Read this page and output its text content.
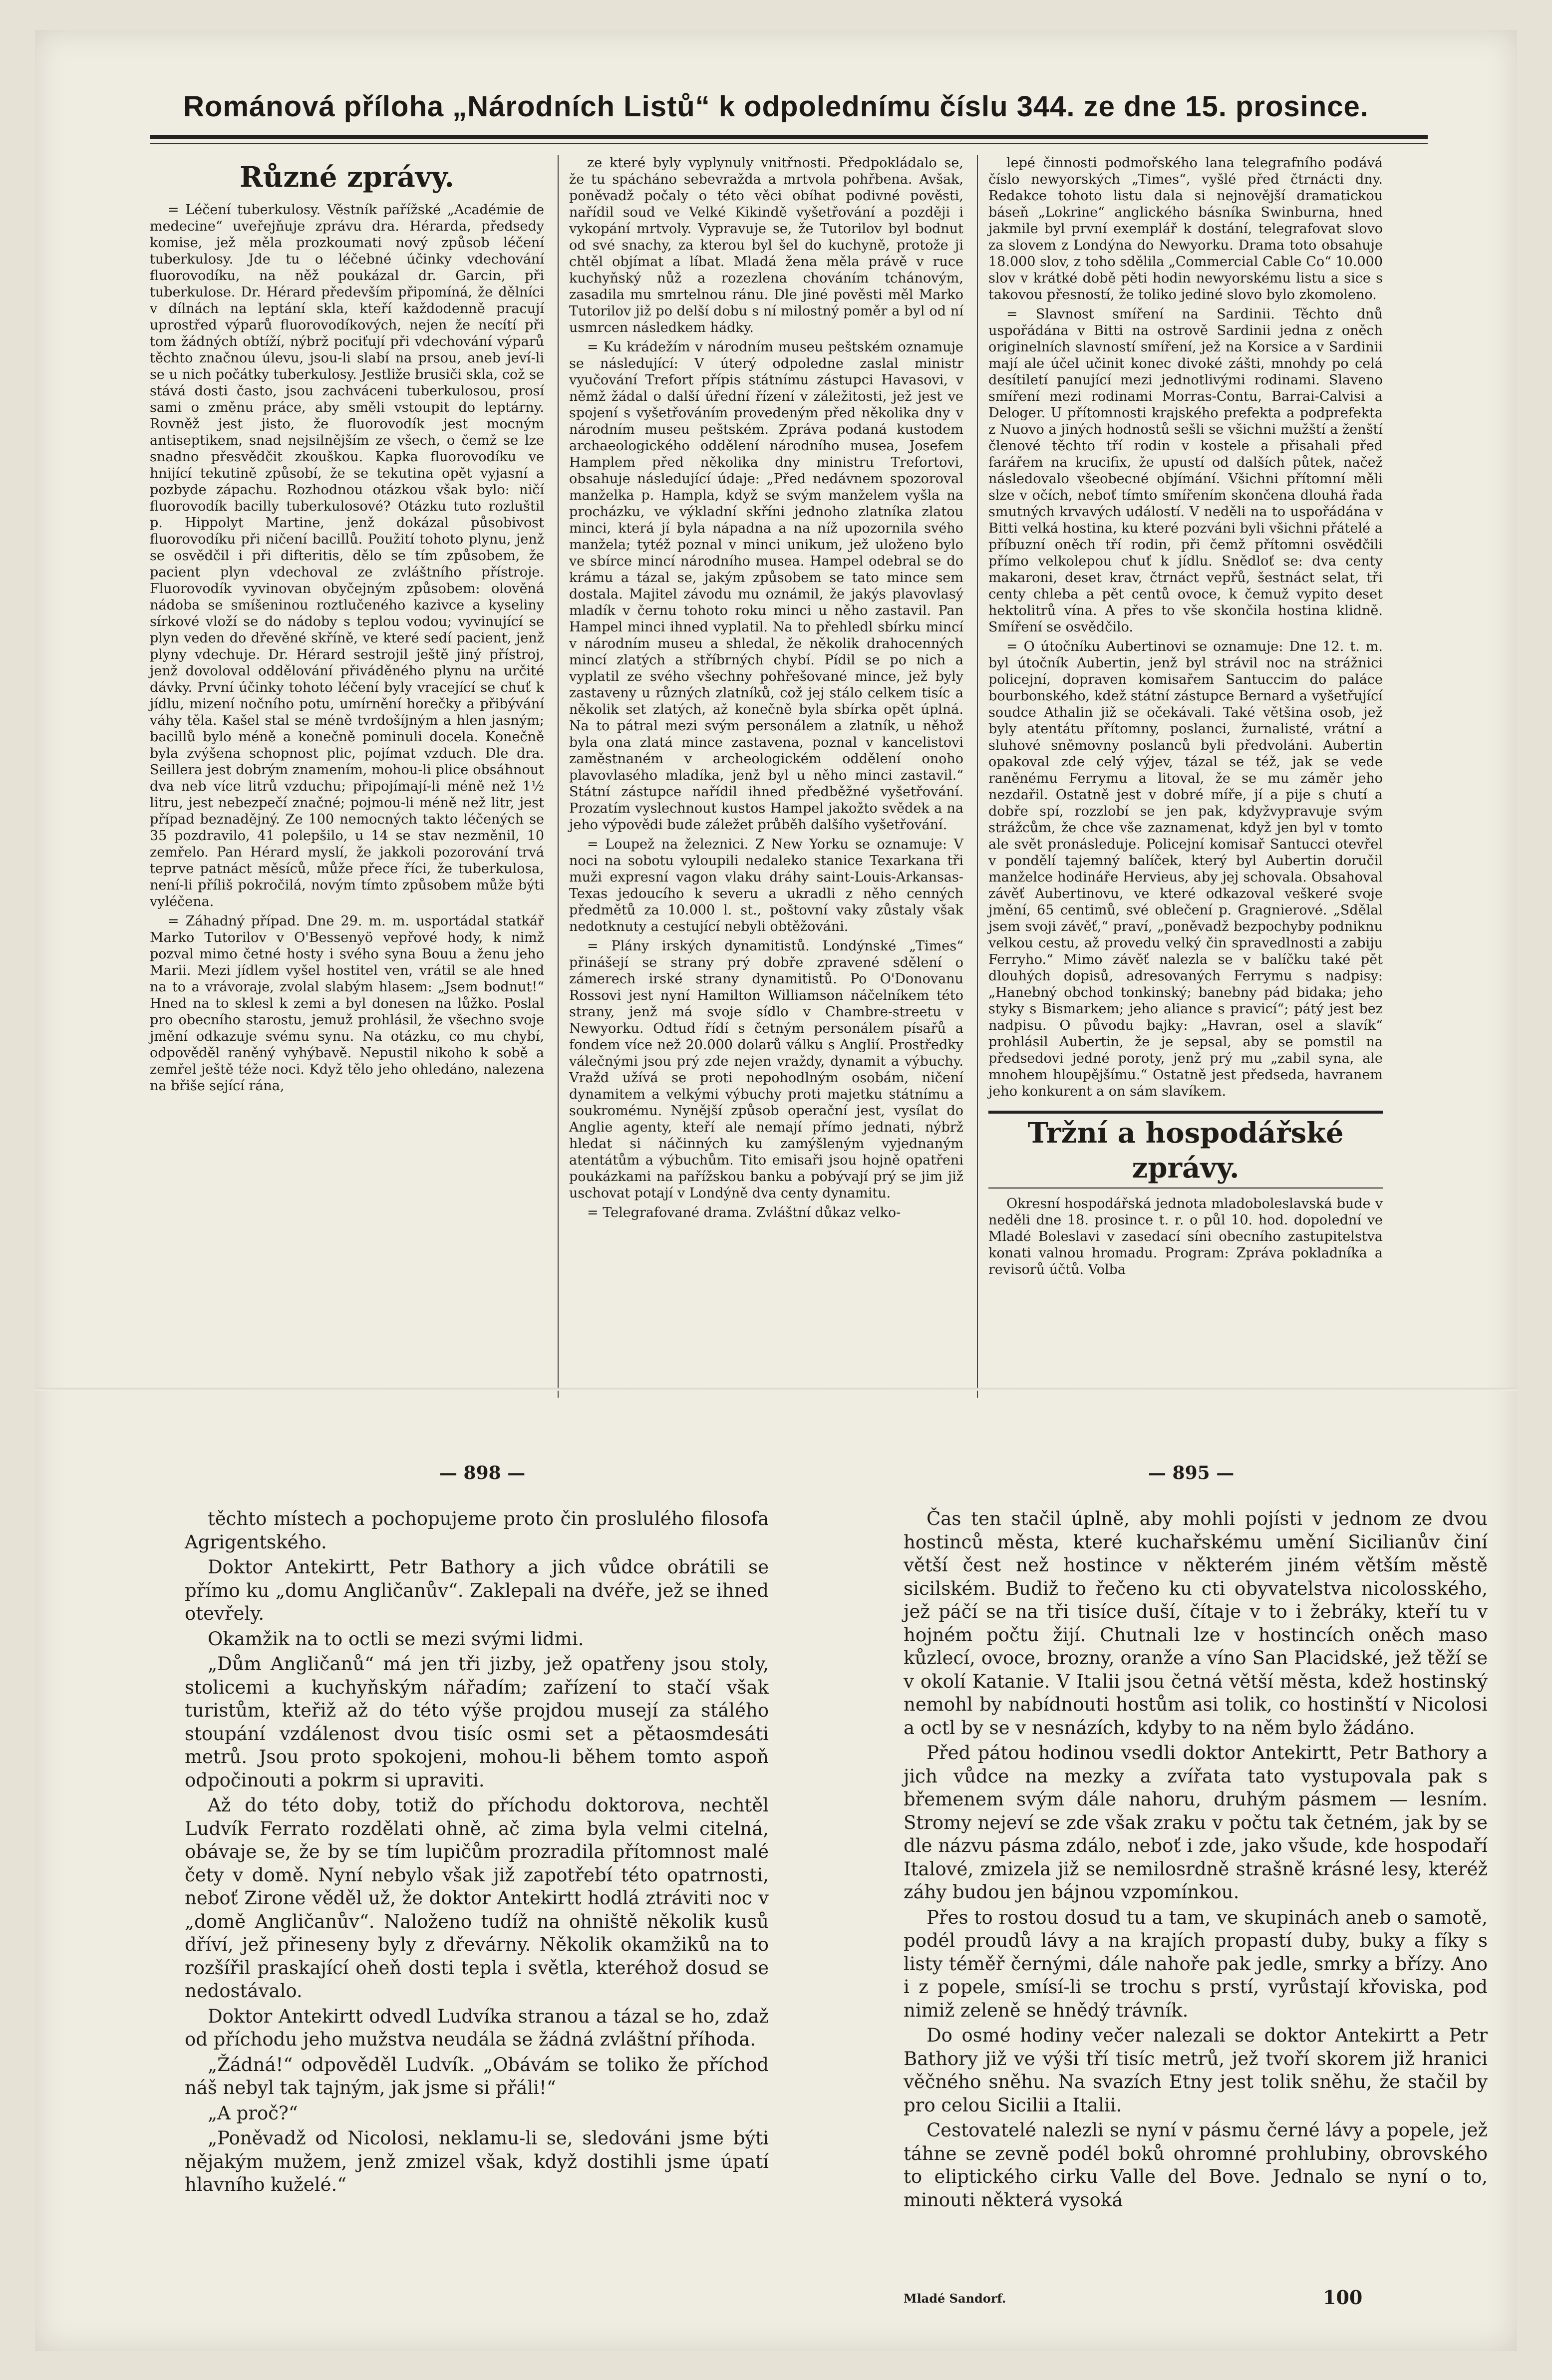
Románová příloha „Národních Listů“ k odpolednímu číslu 344. ze dne 15. prosince.
Různé zprávy.

= Léčení tuberkulosy. Věstník pařížské „Académie de medecine“ uveřejňuje zprávu dra. Hérarda, předsedy komise, jež měla prozkoumati nový způsob léčení tuberkulosy. Jde tu o léčebné účinky vdechování fluorovodíku, na něž poukázal dr. Garcin, při tuberkulose. Dr. Hérard především připomíná, že dělníci v dílnách na leptání skla, kteří každodenně pracují uprostřed výparů fluorovodíkových, nejen že necítí při tom žádných obtíží, nýbrž pociťují při vdechování výparů těchto značnou úlevu, jsou-li slabí na prsou, aneb jeví-li se u nich počátky tuberkulosy. Jestliže brusiči skla, což se stává dosti často, jsou zachváceni tuberkulosou, prosí sami o změnu práce, aby směli vstoupit do leptárny. Rovněž jest jisto, že fluorovodík jest mocným antiseptikem, snad nejsilnějším ze všech, o čemž se lze snadno přesvědčit zkouškou. Kapka fluorovodíku ve hnijící tekutině způsobí, že se tekutina opět vyjasní a pozbyde zápachu. Rozhodnou otázkou však bylo: ničí fluorovodík bacilly tuberkulosové? Otázku tuto rozluštil p. Hippolyt Martine, jenž dokázal působivost fluorovodíku při ničení bacillů. Použití tohoto plynu, jenž se osvědčil i při difteritis, dělo se tím způsobem, že pacient plyn vdechoval ze zvláštního přístroje. Fluorovodík vyvinovan obyčejným způsobem: olověná nádoba se smíšeninou roztlučeného kazivce a kyseliny sírkové vloží se do nádoby s teplou vodou; vyvinující se plyn veden do dřevěné skříně, ve které sedí pacient, jenž plyny vdechuje. Dr. Hérard sestrojil ještě jiný přístroj, jenž dovoloval oddělování přiváděného plynu na určité dávky. První účinky tohoto léčení byly vracející se chuť k jídlu, mizení nočního potu, umírnění horečky a přibývání váhy těla. Kašel stal se méně tvrdošíjným a hlen jasným; bacillů bylo méně a konečně pominuli docela. Konečně byla zvýšena schopnost plic, pojímat vzduch. Dle dra. Seillera jest dobrým znamením, mohou-li plice obsáhnout dva neb více litrů vzduchu; připojímají-li méně než 1½ litru, jest nebezpečí značné; pojmou-li méně než litr, jest případ beznadějný. Ze 100 nemocných takto léčených se 35 pozdravilo, 41 polepšilo, u 14 se stav nezměnil, 10 zemřelo. Pan Hérard myslí, že jakkoli pozorování trvá teprve patnáct měsíců, může přece říci, že tuberkulosa, není-li příliš pokročilá, novým tímto způsobem může býti vyléčena.

= Záhadný případ. Dne 29. m. m. usportádal statkář Marko Tutorilov v O'Bessenyö vepřové hody, k nimž pozval mimo četné hosty i svého syna Bouu a ženu jeho Marii. Mezi jídlem vyšel hostitel ven, vrátil se ale hned na to a vrávoraje, zvolal slabým hlasem: „Jsem bodnut!“ Hned na to sklesl k zemi a byl donesen na lůžko. Poslal pro obecního starostu, jemuž prohlásil, že všechno svoje jmění odkazuje svému synu. Na otázku, co mu chybí, odpověděl raněný vyhýbavě. Nepustil nikoho k sobě a zemřel ještě téže noci. Když tělo jeho ohledáno, nalezena na břiše sející rána,

ze které byly vyplynuly vnitřnosti. Předpokládalo se, že tu spácháno sebevražda a mrtvola pohřbena. Avšak, poněvadž počaly o této věci obíhat podivné pověsti, nařídil soud ve Velké Kikindě vyšetřování a později i vykopání mrtvoly. Vypravuje se, že Tutorilov byl bodnut od své snachy, za kterou byl šel do kuchyně, protože ji chtěl objímat a líbat. Mladá žena měla právě v ruce kuchyňský nůž a rozezlena chováním tchánovým, zasadila mu smrtelnou ránu. Dle jiné pověsti měl Marko Tutorilov již po delší dobu s ní milostný poměr a byl od ní usmrcen následkem hádky.

= Ku krádežím v národním museu peštském oznamuje se následující: V úterý odpoledne zaslal ministr vyučování Trefort přípis státnímu zástupci Havasovi, v němž žádal o další úřední řízení v záležitosti, jež jest ve spojení s vyšetřováním provedeným před několika dny v národním museu peštském. Zpráva podaná kustodem archaeologického oddělení národního musea, Josefem Hamplem před několika dny ministru Trefortovi, obsahuje následující údaje: „Před nedávnem spozoroval manželka p. Hampla, když se svým manželem vyšla na procházku, ve výkladní skříni jednoho zlatníka zlatou minci, která jí byla nápadna a na níž upozornila svého manžela; tytéž poznal v minci unikum, jež uloženo bylo ve sbírce mincí národního musea. Hampel odebral se do krámu a tázal se, jakým způsobem se tato mince sem dostala. Majitel závodu mu oznámil, že jakýs plavovlasý mladík v černu tohoto roku minci u něho zastavil. Pan Hampel minci ihned vyplatil. Na to přehledl sbírku mincí v národním museu a shledal, že několik drahocenných mincí zlatých a stříbrných chybí. Pídil se po nich a vyplatil ze svého všechny pohřešované mince, jež byly zastaveny u různých zlatníků, což jej stálo celkem tisíc a několik set zlatých, až konečně byla sbírka opět úplná. Na to pátral mezi svým personálem a zlatník, u něhož byla ona zlatá mince zastavena, poznal v kancelistovi zaměstnaném v archeologickém oddělení onoho plavovlasého mladíka, jenž byl u něho minci zastavil.“ Státní zástupce nařídil ihned předběžné vyšetřování. Prozatím vyslechnout kustos Hampel jakožto svědek a na jeho výpovědi bude záležet průběh dalšího vyšetřování.

= Loupež na železnici. Z New Yorku se oznamuje: V noci na sobotu vyloupili nedaleko stanice Texarkana tři muži expresní vagon vlaku dráhy saint-Louis-Arkansas-Texas jedoucího k severu a ukradli z něho cenných předmětů za 10.000 l. st., poštovní vaky zůstaly však nedotknuty a cestující nebyli obtěžováni.

= Plány irských dynamitistů. Londýnské „Times“ přinášejí se strany prý dobře zpravené sdělení o zámerech irské strany dynamitistů. Po O'Donovanu Rossovi jest nyní Hamilton Williamson náčelníkem této strany, jenž má svoje sídlo v Chambre-streetu v Newyorku. Odtud řídí s četným personálem písařů a fondem více než 20.000 dolarů válku s Anglií. Prostředky válečnými jsou prý zde nejen vraždy, dynamit a výbuchy. Vražd užívá se proti nepohodlným osobám, ničení dynamitem a velkými výbuchy proti majetku státnímu a soukromému. Nynější způsob operační jest, vysílat do Anglie agenty, kteří ale nemají přímo jednati, nýbrž hledat si náčinných ku zamýšleným vyjednaným atentátům a výbuchům. Tito emisaři jsou hojně opatřeni poukázkami na pařížskou banku a pobývají prý se jim již uschovat potají v Londýně dva centy dynamitu.

= Telegrafované drama. Zvláštní důkaz velko-

lepé činnosti podmořského lana telegrafního podává číslo newyorských „Times“, vyšlé před čtrnácti dny. Redakce tohoto listu dala si nejnovější dramatickou báseň „Lokrine“ anglického básníka Swinburna, hned jakmile byl první exemplář k dostání, telegrafovat slovo za slovem z Londýna do Newyorku. Drama toto obsahuje 18.000 slov, z toho sdělila „Commercial Cable Co“ 10.000 slov v krátké době pěti hodin newyorskému listu a sice s takovou přesností, že toliko jediné slovo bylo zkomoleno.

= Slavnost smíření na Sardinii. Těchto dnů uspořádána v Bitti na ostrově Sardinii jedna z oněch originelních slavností smíření, jež na Korsice a v Sardinii mají ale účel učinit konec divoké zášti, mnohdy po celá desítiletí panující mezi jednotlivými rodinami. Slaveno smíření mezi rodinami Morras-Contu, Barrai-Calvisi a Deloger. U přítomnosti krajského prefekta a podprefekta z Nuovo a jiných hodnostů sešli se všichni mužští a ženští členové těchto tří rodin v kostele a přisahali před farářem na krucifix, že upustí od dalších půtek, načež následovalo všeobecné objímání. Všichni přítomní měli slze v očích, neboť tímto smířením skončena dlouhá řada smutných krvavých událostí. V neděli na to uspořádána v Bitti velká hostina, ku které pozváni byli všichni přátelé a příbuzní oněch tří rodin, při čemž přítomni osvědčili přímo velkolepou chuť k jídlu. Snědloť se: dva centy makaroni, deset krav, čtrnáct vepřů, šestnáct selat, tři centy chleba a pět centů ovoce, k čemuž vypito deset hektolitrů vína. A přes to vše skončila hostina klidně. Smíření se osvědčilo.

= O útočníku Aubertinovi se oznamuje: Dne 12. t. m. byl útočník Aubertin, jenž byl strávil noc na strážnici policejní, dopraven komisařem Santuccim do paláce bourbonského, kdež státní zástupce Bernard a vyšetřující soudce Athalin již se očekávali. Také většina osob, jež byly atentátu přítomny, poslanci, žurnalisté, vrátní a sluhové sněmovny poslanců byli předvoláni. Aubertin opakoval zde celý výjev, tázal se též, jak se vede raněnému Ferrymu a litoval, že se mu záměr jeho nezdařil. Ostatně jest v dobré míře, jí a pije s chutí a dobře spí, rozzlobí se jen pak, kdyžvypravuje svým strážcům, že chce vše zaznamenat, když jen byl v tomto ale svět pronásleduje. Policejní komisař Santucci otevřel v pondělí tajemný balíček, který byl Aubertin doručil manželce hodináře Hervieus, aby jej schovala. Obsahoval závěť Aubertinovu, ve které odkazoval veškeré svoje jmění, 65 centimů, své oblečení p. Gragnierové. „Sdělal jsem svoji závěť,“ praví, „poněvadž bezpochyby podniknu velkou cestu, až provedu velký čin spravedlnosti a zabiju Ferryho.“ Mimo závěť nalezla se v balíčku také pět dlouhých dopisů, adresovaných Ferrymu s nadpisy: „Hanebný obchod tonkinský; banebny pád bidaka; jeho styky s Bismarkem; jeho aliance s pravicí“; pátý jest bez nadpisu. O původu bajky: „Havran, osel a slavík“ prohlásil Aubertin, že je sepsal, aby se pomstil na předsedovi jedné poroty, jenž prý mu „zabil syna, ale mnohem hloupějšímu.“ Ostatně jest předseda, havranem jeho konkurent a on sám slavíkem.

Tržní a hospodářské zprávy.

Okresní hospodářská jednota mladoboleslavská bude v neděli dne 18. prosince t. r. o půl 10. hod. dopolední ve Mladé Boleslavi v zasedací síni obecního zastupitelstva konati valnou hromadu. Program: Zpráva pokladníka a revisorů účtů. Volba

— 898 —	— 895 —

těchto místech a pochopujeme proto čin proslulého filosofa Agrigentského.

Doktor Antekirtt, Petr Bathory a jich vůdce obrátili se přímo ku „domu Angličanův“. Zaklepali na dvéře, jež se ihned otevřely.

Okamžik na to octli se mezi svými lidmi.

„Dům Angličanů“ má jen tři jizby, jež opatřeny jsou stoly, stolicemi a kuchyňským nářadím; zařízení to stačí však turistům, kteřiž až do této výše projdou musejí za stálého stoupání vzdálenost dvou tisíc osmi set a pětaosmdesáti metrů. Jsou proto spokojeni, mohou-li během tomto aspoň odpočinouti a pokrm si upraviti.

Až do této doby, totiž do příchodu doktorova, nechtěl Ludvík Ferrato rozdělati ohně, ač zima byla velmi citelná, obávaje se, že by se tím lupičům prozradila přítomnost malé čety v domě. Nyní nebylo však již zapotřebí této opatrnosti, neboť Zirone věděl už, že doktor Antekirtt hodlá ztráviti noc v „domě Angličanův“. Naloženo tudíž na ohniště několik kusů dříví, jež přineseny byly z dřevárny. Několik okamžiků na to rozšířil praskající oheň dosti tepla i světla, kteréhož dosud se nedostávalo.

Doktor Antekirtt odvedl Ludvíka stranou a tázal se ho, zdaž od příchodu jeho mužstva neudála se žádná zvláštní příhoda.

„Žádná!“ odpověděl Ludvík. „Obávám se toliko že příchod náš nebyl tak tajným, jak jsme si přáli!“

„A proč?“

„Poněvadž od Nicolosi, neklamu-li se, sledováni jsme býti nějakým mužem, jenž zmizel však, když dostihli jsme úpatí hlavního kuželé.“

Čas ten stačil úplně, aby mohli pojísti v jednom ze dvou hostinců města, které kuchařskému umění Sicilianův činí větší čest než hostince v některém jiném větším městě sicilském. Budiž to řečeno ku cti obyvatelstva nicolosského, jež páčí se na tři tisíce duší, čítaje v to i žebráky, kteří tu v hojném počtu žijí. Chutnali lze v hostincích oněch maso kůzlecí, ovoce, brozny, oranže a víno San Placidské, jež těží se v okolí Katanie. V Italii jsou četná větší města, kdež hostinský nemohl by nabídnouti hostům asi tolik, co hostinští v Nicolosi a octl by se v nesnázích, kdyby to na něm bylo žádáno.

Před pátou hodinou vsedli doktor Antekirtt, Petr Bathory a jich vůdce na mezky a zvířata tato vystupovala pak s břemenem svým dále nahoru, druhým pásmem — lesním. Stromy nejeví se zde však zraku v počtu tak četném, jak by se dle názvu pásma zdálo, neboť i zde, jako všude, kde hospodaří Italové, zmizela již se nemilosrdně strašně krásné lesy, kteréž záhy budou jen bájnou vzpomínkou.

Přes to rostou dosud tu a tam, ve skupinách aneb o samotě, podél proudů lávy a na krajích propastí duby, buky a fíky s listy téměř černými, dále nahoře pak jedle, smrky a břízy. Ano i z popele, smísí-li se trochu s prstí, vyrůstají křoviska, pod nimiž zeleně se hnědý trávník.

Do osmé hodiny večer nalezali se doktor Antekirtt a Petr Bathory již ve výši tří tisíc metrů, jež tvoří skorem již hranici věčného sněhu. Na svazích Etny jest tolik sněhu, že stačil by pro celou Sicilii a Italii.

Cestovatelé nalezli se nyní v pásmu černé lávy a popele, jež táhne se zevně podél boků ohromné prohlubiny, obrovského to eliptického cirku Valle del Bove. Jednalo se nyní o to, minouti některá vysoká

Mladé Sandorf.	100
